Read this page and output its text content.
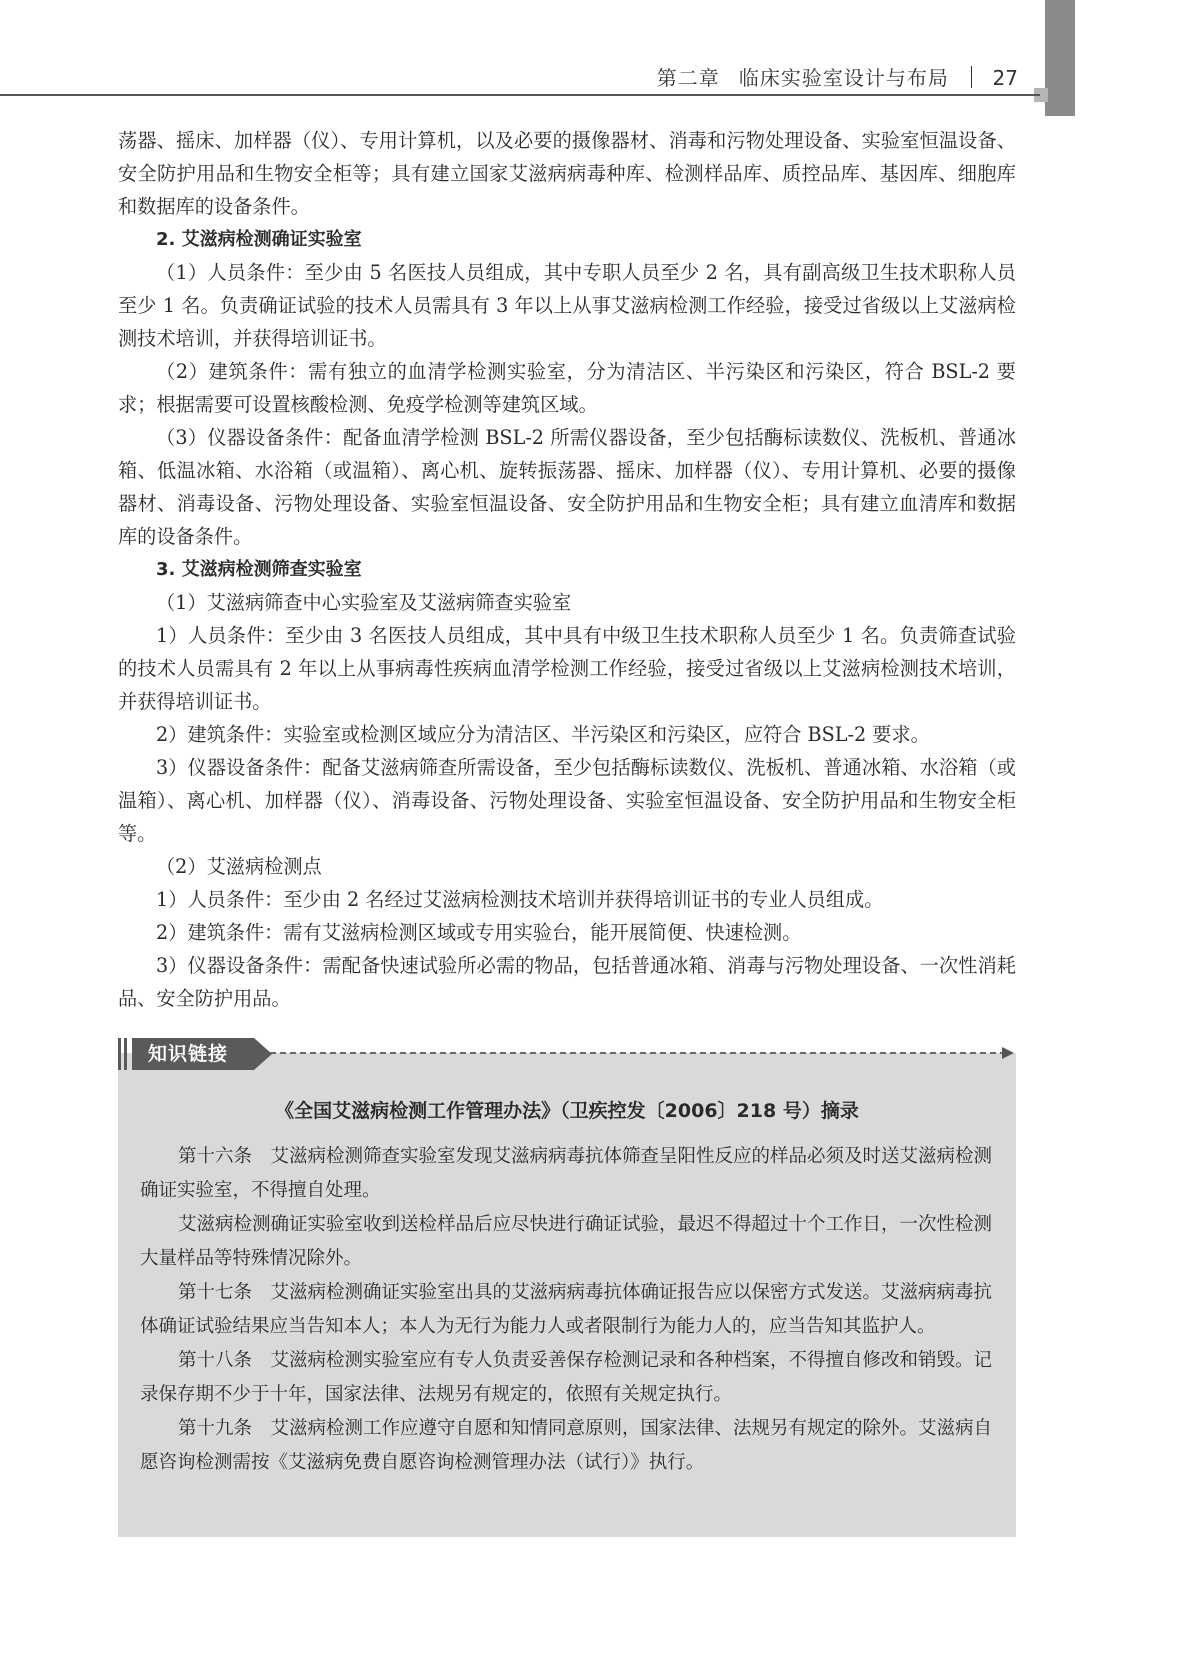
第二章 临床实验室设计与布局 27

荡器、摇床、加样器（仪）、专用计算机，以及必要的摄像器材、消毒和污物处理设备、实验室恒温设备、安全防护用品和生物安全柜等；具有建立国家艾滋病病毒种库、检测样品库、质控品库、基因库、细胞库和数据库的设备条件。

2. 艾滋病检测确证实验室

（1）人员条件：至少由 5 名医技人员组成，其中专职人员至少 2 名，具有副高级卫生技术职称人员至少 1 名。负责确证试验的技术人员需具有 3 年以上从事艾滋病检测工作经验，接受过省级以上艾滋病检测技术培训，并获得培训证书。

（2）建筑条件：需有独立的血清学检测实验室，分为清洁区、半污染区和污染区，符合 BSL-2 要求；根据需要可设置核酸检测、免疫学检测等建筑区域。

（3）仪器设备条件：配备血清学检测 BSL-2 所需仪器设备，至少包括酶标读数仪、洗板机、普通冰箱、低温冰箱、水浴箱（或温箱）、离心机、旋转振荡器、摇床、加样器（仪）、专用计算机、必要的摄像器材、消毒设备、污物处理设备、实验室恒温设备、安全防护用品和生物安全柜；具有建立血清库和数据库的设备条件。

3. 艾滋病检测筛查实验室

（1）艾滋病筛查中心实验室及艾滋病筛查实验室

1）人员条件：至少由 3 名医技人员组成，其中具有中级卫生技术职称人员至少 1 名。负责筛查试验的技术人员需具有 2 年以上从事病毒性疾病血清学检测工作经验，接受过省级以上艾滋病检测技术培训，并获得培训证书。

2）建筑条件：实验室或检测区域应分为清洁区、半污染区和污染区，应符合 BSL-2 要求。

3）仪器设备条件：配备艾滋病筛查所需设备，至少包括酶标读数仪、洗板机、普通冰箱、水浴箱（或温箱）、离心机、加样器（仪）、消毒设备、污物处理设备、实验室恒温设备、安全防护用品和生物安全柜等。

（2）艾滋病检测点

1）人员条件：至少由 2 名经过艾滋病检测技术培训并获得培训证书的专业人员组成。

2）建筑条件：需有艾滋病检测区域或专用实验台，能开展简便、快速检测。

3）仪器设备条件：需配备快速试验所必需的物品，包括普通冰箱、消毒与污物处理设备、一次性消耗品、安全防护用品。

知识链接
《全国艾滋病检测工作管理办法》（卫疾控发〔2006〕218 号）摘录

第十六条　艾滋病检测筛查实验室发现艾滋病病毒抗体筛查呈阳性反应的样品必须及时送艾滋病检测确证实验室，不得擅自处理。

艾滋病检测确证实验室收到送检样品后应尽快进行确证试验，最迟不得超过十个工作日，一次性检测大量样品等特殊情况除外。

第十七条　艾滋病检测确证实验室出具的艾滋病病毒抗体确证报告应以保密方式发送。艾滋病病毒抗体确证试验结果应当告知本人；本人为无行为能力人或者限制行为能力人的，应当告知其监护人。

第十八条　艾滋病检测实验室应有专人负责妥善保存检测记录和各种档案，不得擅自修改和销毁。记录保存期不少于十年，国家法律、法规另有规定的，依照有关规定执行。

第十九条　艾滋病检测工作应遵守自愿和知情同意原则，国家法律、法规另有规定的除外。艾滋病自愿咨询检测需按《艾滋病免费自愿咨询检测管理办法（试行）》执行。
